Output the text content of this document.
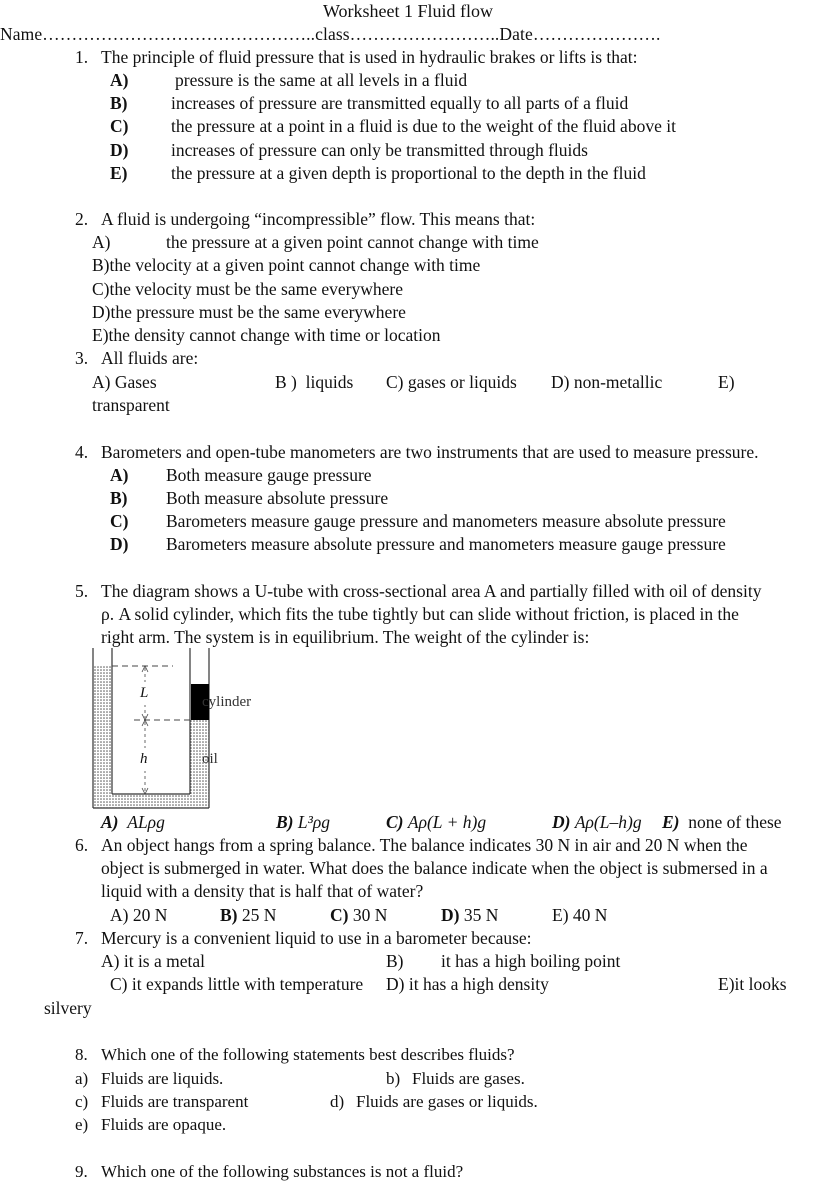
Worksheet 1 Fluid flow
Name………………………………………..class……………………..Date………………….
1. The principle of fluid pressure that is used in hydraulic brakes or lifts is that:
A)	pressure is the same at all levels in a fluid
B) increases of pressure are transmitted equally to all parts of a fluid
C) the pressure at a point in a fluid is due to the weight of the fluid above it
D) increases of pressure can only be transmitted through fluids
E) the pressure at a given depth is proportional to the depth in the fluid
2. A fluid is undergoing “incompressible” flow. This means that:
A)	the pressure at a given point cannot change with time
B)the velocity at a given point cannot change with time
C)the velocity must be the same everywhere
D)the pressure must be the same everywhere
E)the density cannot change with time or location
3. All fluids are:
A) Gases	B ) liquids C) gases or liquids D) non-metallic	E)
transparent
4. Barometers and open-tube manometers are two instruments that are used to measure pressure.
A) Both measure gauge pressure
B) Both measure absolute pressure
C) Barometers measure gauge pressure and manometers measure absolute pressure
D) Barometers measure absolute pressure and manometers measure gauge pressure
5. The diagram shows a U-tube with cross-sectional area A and partially filled with oil of density
ρ. A solid cylinder, which fits the tube tightly but can slide without friction, is placed in the
right arm. The system is in equilibrium. The weight of the cylinder is:
L
h
cylinder
oil
A) ALρg	B) L³ρg	C) Aρ(L + h)g	D) Aρ(L–h)g E) none of these
6. An object hangs from a spring balance. The balance indicates 30 N in air and 20 N when the
object is submerged in water. What does the balance indicate when the object is submersed in a
liquid with a density that is half that of water?
A) 20 N	B) 25 N	C) 30 N	D) 35 N	E) 40 N
7. Mercury is a convenient liquid to use in a barometer because:
A) it is a metal	B) it has a high boiling point
C) it expands little with temperature D) it has a high density	E)it looks
silvery
8. Which one of the following statements best describes fluids?
a) Fluids are liquids.	b) Fluids are gases.
c) Fluids are transparent	d) Fluids are gases or liquids.
e) Fluids are opaque.
9. Which one of the following substances is not a fluid?
